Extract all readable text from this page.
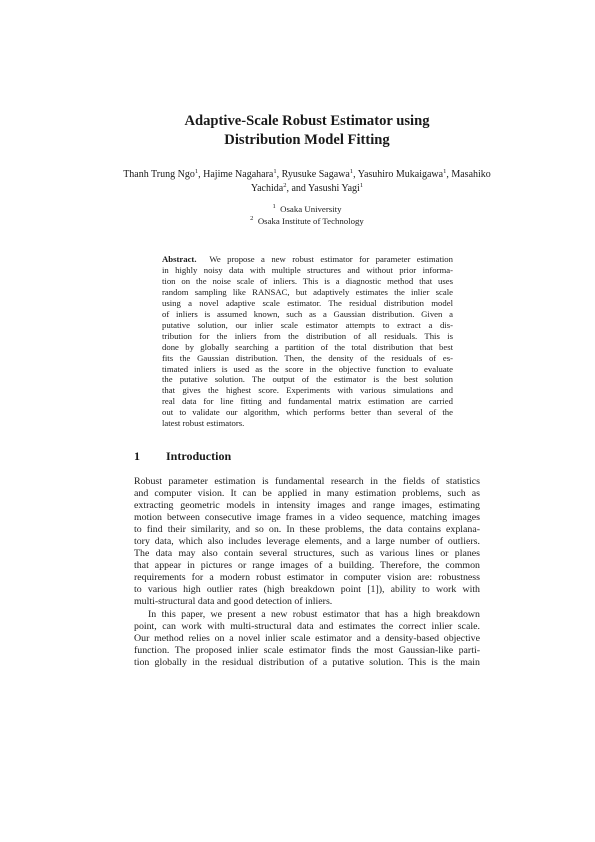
Adaptive-Scale Robust Estimator using
Distribution Model Fitting
Thanh Trung Ngo$^1$, Hajime Nagahara$^1$, Ryusuke Sagawa$^1$, Yasuhiro Mukaigawa$^1$, Masahiko Yachida$^2$, and Yasushi Yagi$^1$
$^1$ Osaka University
$^2$ Osaka Institute of Technology
Abstract. We propose a new robust estimator for parameter estimation
in highly noisy data with multiple structures and without prior informa-
tion on the noise scale of inliers. This is a diagnostic method that uses
random sampling like RANSAC, but adaptively estimates the inlier scale
using a novel adaptive scale estimator. The residual distribution model
of inliers is assumed known, such as a Gaussian distribution. Given a
putative solution, our inlier scale estimator attempts to extract a dis-
tribution for the inliers from the distribution of all residuals. This is
done by globally searching a partition of the total distribution that best
fits the Gaussian distribution. Then, the density of the residuals of es-
timated inliers is used as the score in the objective function to evaluate
the putative solution. The output of the estimator is the best solution
that gives the highest score. Experiments with various simulations and
real data for line fitting and fundamental matrix estimation are carried
out to validate our algorithm, which performs better than several of the
latest robust estimators.
1 Introduction
Robust parameter estimation is fundamental research in the fields of statistics
and computer vision. It can be applied in many estimation problems, such as
extracting geometric models in intensity images and range images, estimating
motion between consecutive image frames in a video sequence, matching images
to find their similarity, and so on. In these problems, the data contains explana-
tory data, which also includes leverage elements, and a large number of outliers.
The data may also contain several structures, such as various lines or planes
that appear in pictures or range images of a building. Therefore, the common
requirements for a modern robust estimator in computer vision are: robustness
to various high outlier rates (high breakdown point [1]), ability to work with
multi-structural data and good detection of inliers.
In this paper, we present a new robust estimator that has a high breakdown
point, can work with multi-structural data and estimates the correct inlier scale.
Our method relies on a novel inlier scale estimator and a density-based objective
function. The proposed inlier scale estimator finds the most Gaussian-like parti-
tion globally in the residual distribution of a putative solution. This is the main
